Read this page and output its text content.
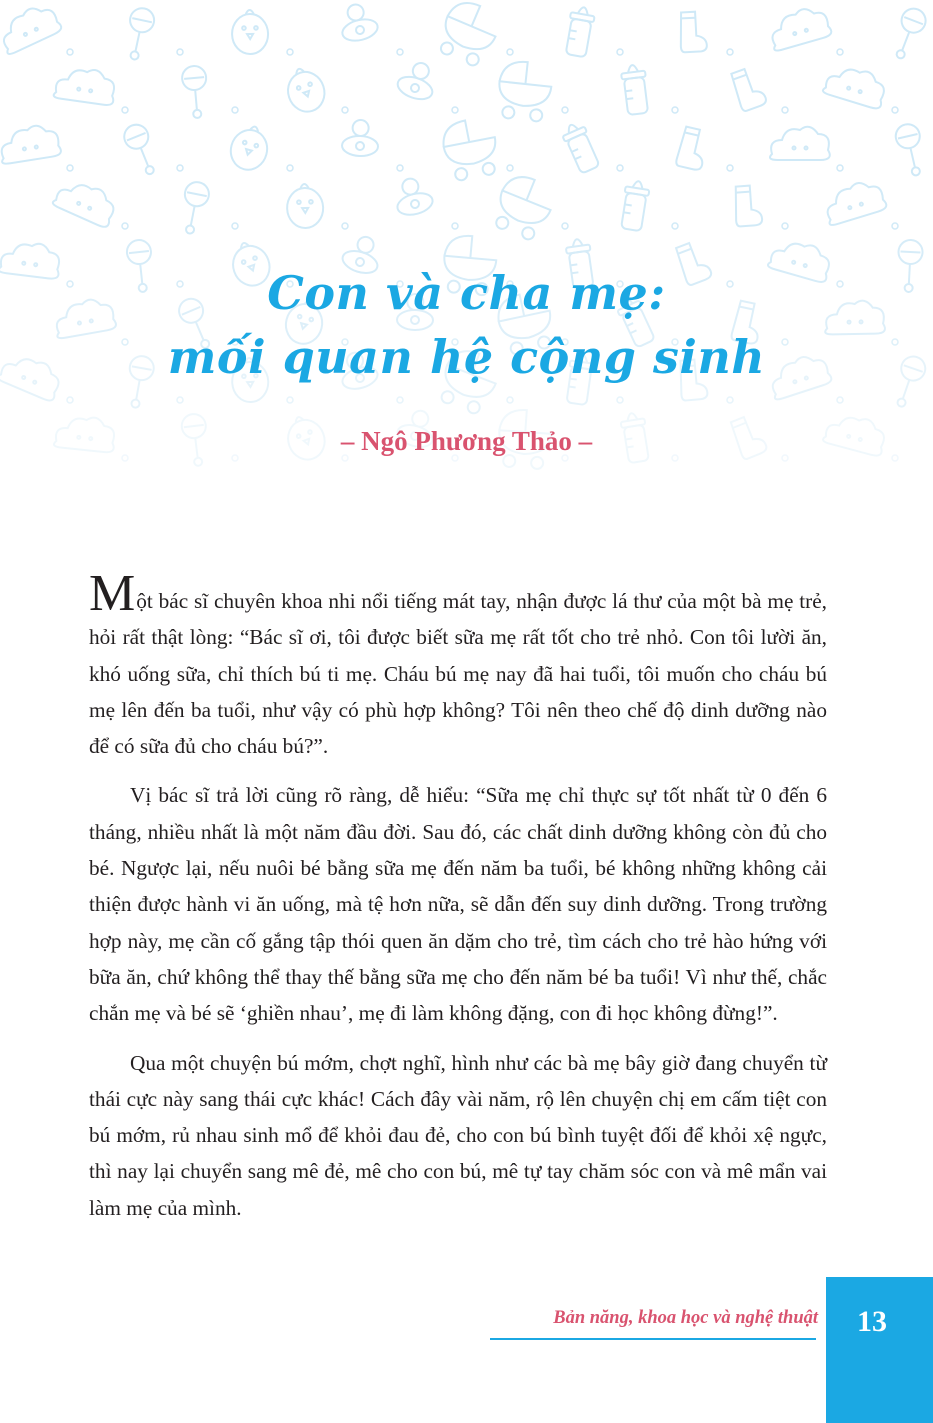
Con và cha mẹ:
mối quan hệ cộng sinh
– Ngô Phương Thảo –

Một bác sĩ chuyên khoa nhi nổi tiếng mát tay, nhận được lá thư của một bà mẹ trẻ, hỏi rất thật lòng: “Bác sĩ ơi, tôi được biết sữa mẹ rất tốt cho trẻ nhỏ. Con tôi lười ăn, khó uống sữa, chỉ thích bú ti mẹ. Cháu bú mẹ nay đã hai tuổi, tôi muốn cho cháu bú mẹ lên đến ba tuổi, như vậy có phù hợp không? Tôi nên theo chế độ dinh dưỡng nào để có sữa đủ cho cháu bú?”.

Vị bác sĩ trả lời cũng rõ ràng, dễ hiểu: “Sữa mẹ chỉ thực sự tốt nhất từ 0 đến 6 tháng, nhiều nhất là một năm đầu đời. Sau đó, các chất dinh dưỡng không còn đủ cho bé. Ngược lại, nếu nuôi bé bằng sữa mẹ đến năm ba tuổi, bé không những không cải thiện được hành vi ăn uống, mà tệ hơn nữa, sẽ dẫn đến suy dinh dưỡng. Trong trường hợp này, mẹ cần cố gắng tập thói quen ăn dặm cho trẻ, tìm cách cho trẻ hào hứng với bữa ăn, chứ không thể thay thế bằng sữa mẹ cho đến năm bé ba tuổi! Vì như thế, chắc chắn mẹ và bé sẽ ‘ghiền nhau’, mẹ đi làm không đặng, con đi học không đừng!”.

Qua một chuyện bú mớm, chợt nghĩ, hình như các bà mẹ bây giờ đang chuyển từ thái cực này sang thái cực khác! Cách đây vài năm, rộ lên chuyện chị em cấm tiệt con bú mớm, rủ nhau sinh mổ để khỏi đau đẻ, cho con bú bình tuyệt đối để khỏi xệ ngực, thì nay lại chuyển sang mê đẻ, mê cho con bú, mê tự tay chăm sóc con và mê mẩn vai làm mẹ của mình.

Bản năng, khoa học và nghệ thuật	13
